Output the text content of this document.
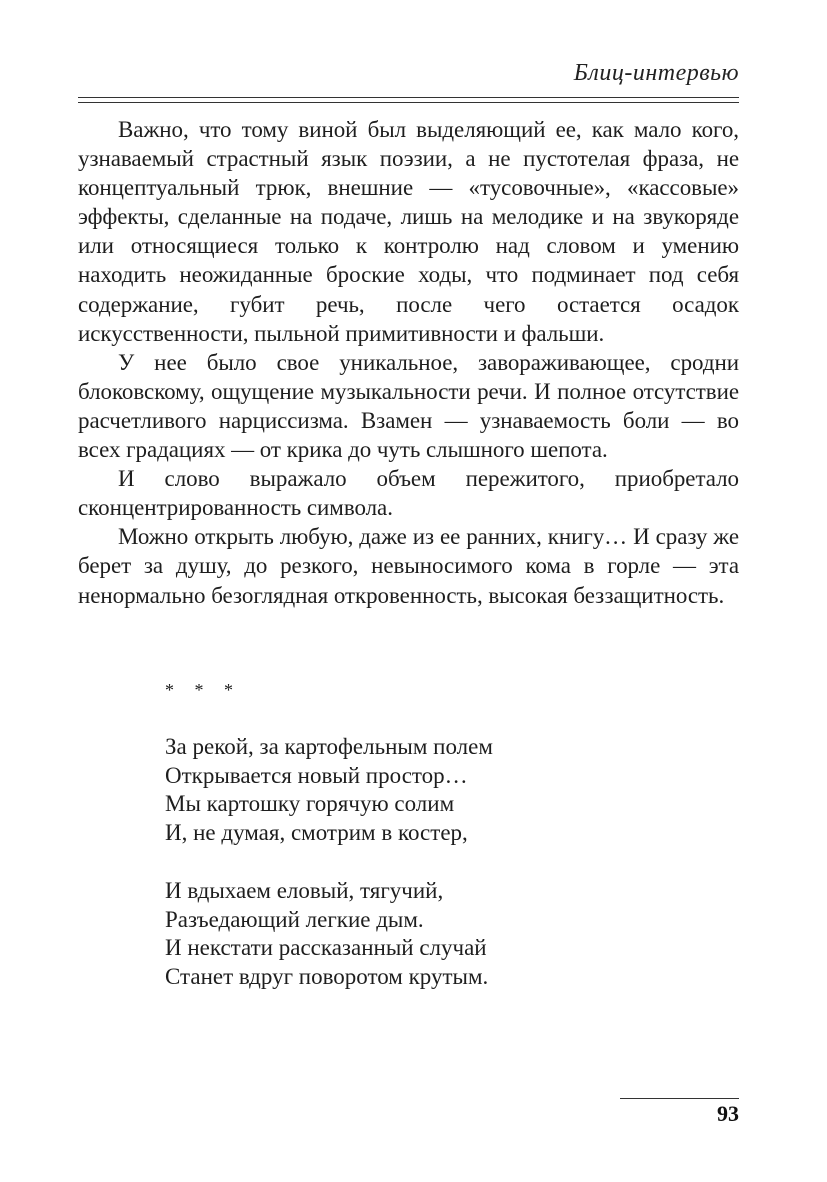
Блиц-интервью

Важно, что тому виной был выделяющий ее, как мало кого, узнаваемый страстный язык поэзии, а не пустотелая фраза, не концептуальный трюк, внешние — «тусовочные», «кассовые» эффекты, сделанные на подаче, лишь на мелодике и на звукоряде или относящиеся только к контролю над словом и умению находить неожиданные броские ходы, что подминает под себя содержание, губит речь, после чего остается осадок искусственности, пыльной примитивности и фальши.

У нее было свое уникальное, завораживающее, сродни блоковскому, ощущение музыкальности речи. И полное отсутствие расчетливого нарциссизма. Взамен — узнаваемость боли — во всех градациях — от крика до чуть слышного шепота.

И слово выражало объем пережитого, приобретало сконцентрированность символа.

Можно открыть любую, даже из ее ранних, книгу… И сразу же берет за душу, до резкого, невыносимого кома в горле — эта ненормально безоглядная откровенность, высокая беззащитность.

* * *
За рекой, за картофельным полем
Открывается новый простор…
Мы картошку горячую солим
И, не думая, смотрим в костер,
И вдыхаем еловый, тягучий,
Разъедающий легкие дым.
И некстати рассказанный случай
Станет вдруг поворотом крутым.
93
